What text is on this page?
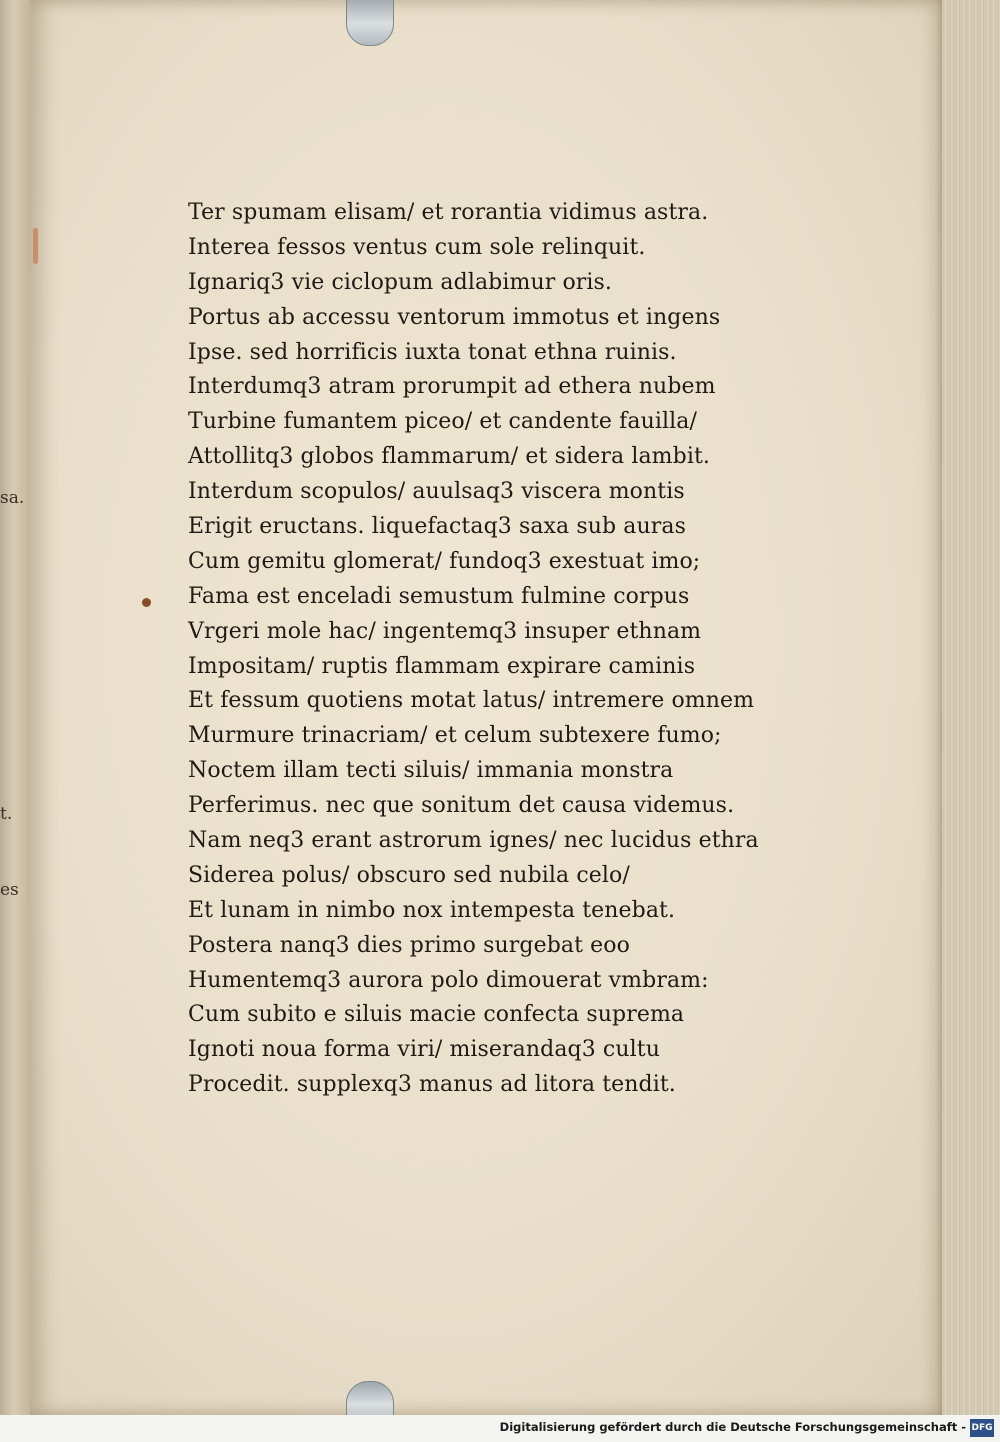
sa.
t.
es
Ter spumam elisam/ et rorantia vidimus astra.
Interea fessos ventus cum sole relinquit.
Ignariq3 vie ciclopum adlabimur oris.
Portus ab accessu ventorum immotus et ingens
Ipse. sed horrificis iuxta tonat ethna ruinis.
Interdumq3 atram prorumpit ad ethera nubem
Turbine fumantem piceo/ et candente fauilla/
Attollitq3 globos flammarum/ et sidera lambit.
Interdum scopulos/ auulsaq3 viscera montis
Erigit eructans. liquefactaq3 saxa sub auras
Cum gemitu glomerat/ fundoq3 exestuat imo;
Fama est enceladi semustum fulmine corpus
Vrgeri mole hac/ ingentemq3 insuper ethnam
Impositam/ ruptis flammam expirare caminis
Et fessum quotiens motat latus/ intremere omnem
Murmure trinacriam/ et celum subtexere fumo;
Noctem illam tecti siluis/ immania monstra
Perferimus. nec que sonitum det causa videmus.
Nam neq3 erant astrorum ignes/ nec lucidus ethra
Siderea polus/ obscuro sed nubila celo/
Et lunam in nimbo nox intempesta tenebat.
Postera nanq3 dies primo surgebat eoo
Humentemq3 aurora polo dimouerat vmbram:
Cum subito e siluis macie confecta suprema
Ignoti noua forma viri/ miserandaq3 cultu
Procedit. supplexq3 manus ad litora tendit.
Digitalisierung gefördert durch die Deutsche Forschungsgemeinschaft - DFG
